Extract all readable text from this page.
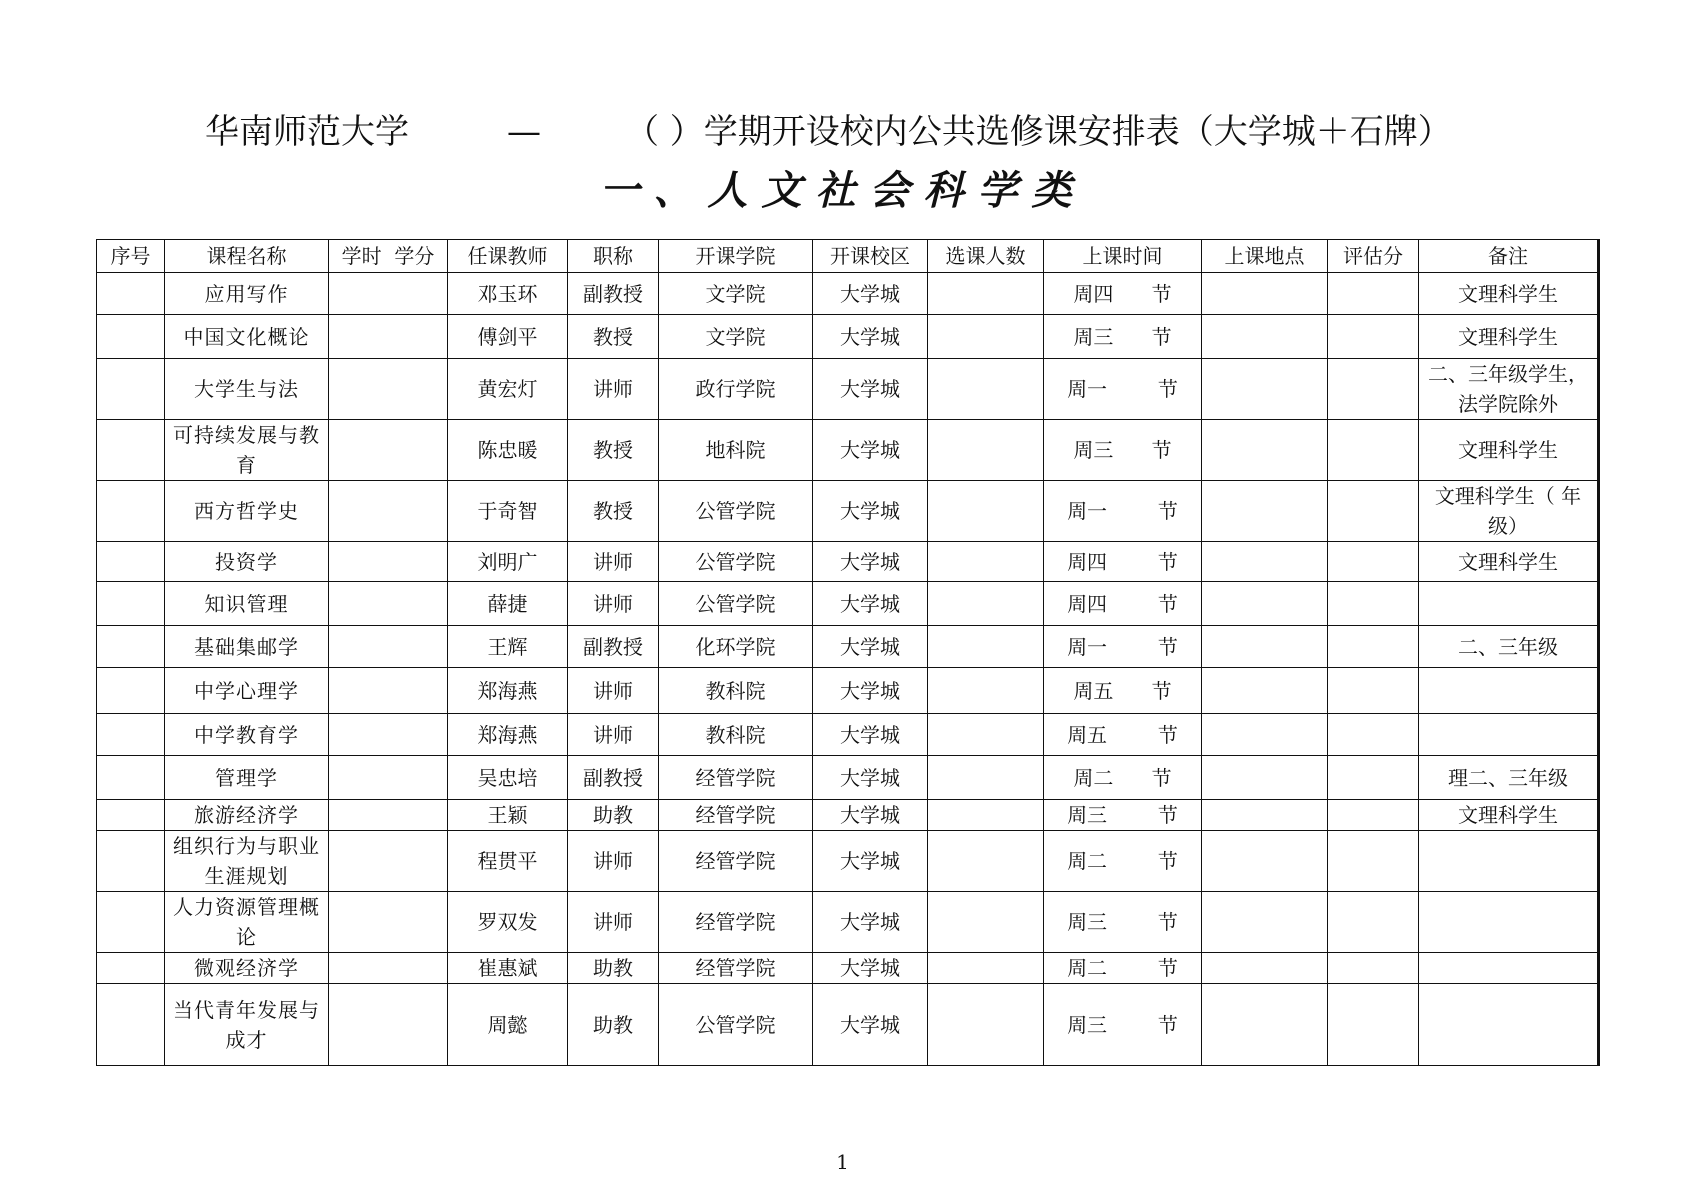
华南师范大学	— （ ）学期开设校内公共选修课安排表（大学城＋石牌）
一、人文社会科学类
序号	课程名称	学时  学分	任课教师	职称	开课学院	开课校区	选课人数	上课时间	上课地点	评估分	备注
	应用写作		邓玉环	副教授	文学院	大学城		周四      节			文理科学生
	中国文化概论		傅剑平	教授	文学院	大学城		周三      节			文理科学生
	大学生与法		黄宏灯	讲师	政行学院	大学城		周一        节			二、三年级学生，法学院除外
	可持续发展与教育		陈忠暖	教授	地科院	大学城		周三      节			文理科学生
	西方哲学史		于奇智	教授	公管学院	大学城		周一        节			文理科学生（ 年级）
	投资学		刘明广	讲师	公管学院	大学城		周四        节			文理科学生
	知识管理		薛捷	讲师	公管学院	大学城		周四        节			
	基础集邮学		王辉	副教授	化环学院	大学城		周一        节			二、三年级
	中学心理学		郑海燕	讲师	教科院	大学城		周五      节			
	中学教育学		郑海燕	讲师	教科院	大学城		周五        节			
	管理学		吴忠培	副教授	经管学院	大学城		周二      节			理二、三年级
	旅游经济学		王颖	助教	经管学院	大学城		周三        节			文理科学生
	组织行为与职业生涯规划		程贯平	讲师	经管学院	大学城		周二        节			
	人力资源管理概论		罗双发	讲师	经管学院	大学城		周三        节			
	微观经济学		崔惠斌	助教	经管学院	大学城		周二        节			
	当代青年发展与成才		周懿	助教	公管学院	大学城		周三        节			
1
